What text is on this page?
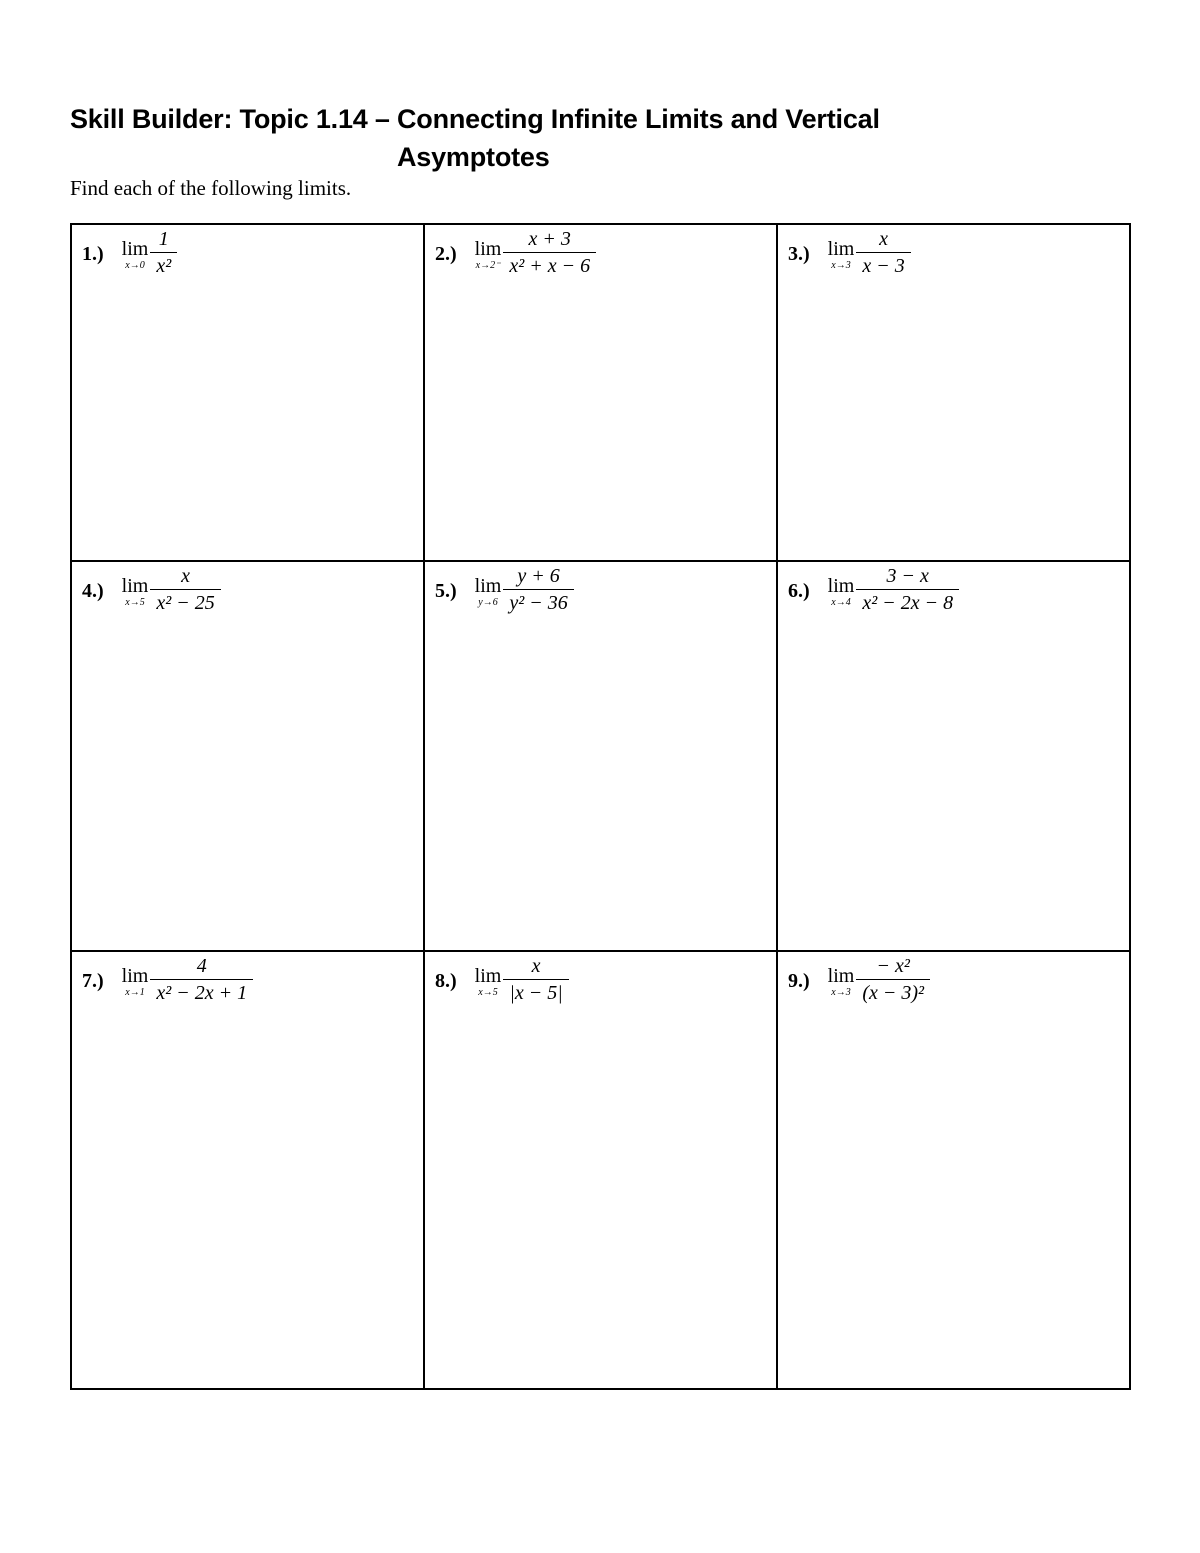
Skill Builder: Topic 1.14 – Connecting Infinite Limits and Vertical
Asymptotes
Find each of the following limits.
1.) lim
$x\to 0 \frac{1}{\text{x²}}$	2.) lim
$x\to 2^- \frac{x + 3}{\text{x² + x − 6}}$	3.) lim
$x\to 3 \frac{x}{x - 3}$

4.) lim
$x\to 5 \frac{x}{\text{x² − 25}}$	5.) lim
$y\to 6 \frac{y + 6}{\text{y² − 36}}$	6.) lim
$x\to 4 \frac{3 - x}{\text{x² − 2x − 8}}$

7.) lim
$x\to 1 \frac{4}{\text{x² − 2x + 1}}$	8.) lim
$x\to 5 \frac{x}{|x - 5|}$	9.) lim
$x\to 3 \frac{\text{− x²}}{\text{(x − 3)²}}$
